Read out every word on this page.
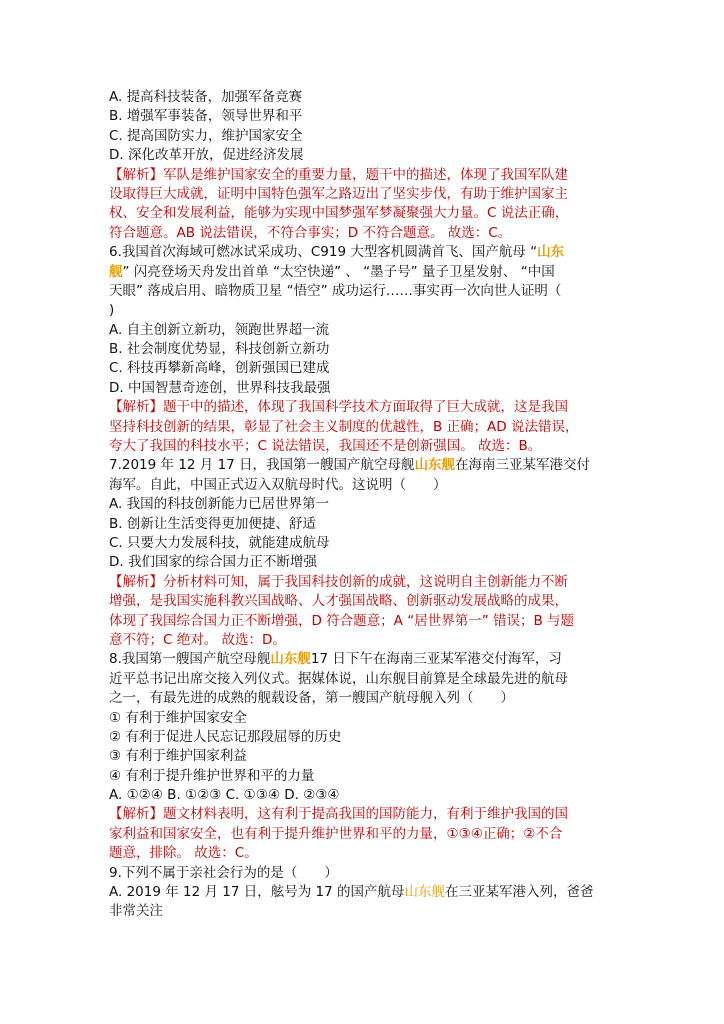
A. 提高科技装备，加强军备竞赛
B. 增强军事装备，领导世界和平
C. 提高国防实力，维护国家安全
D. 深化改革开放，促进经济发展
【解析】军队是维护国家安全的重要力量，题干中的描述，体现了我国军队建
设取得巨大成就，证明中国特色强军之路迈出了坚实步伐，有助于维护国家主
权、安全和发展利益，能够为实现中国梦强军梦凝聚强大力量。C 说法正确，
符合题意。AB 说法错误，不符合事实；D 不符合题意。 故选：C。
6.我国首次海域可燃冰试采成功、C919 大型客机圆满首飞、国产航母 “山东
舰” 闪亮登场天舟发出首单 “太空快递” 、 “墨子号” 量子卫星发射、 “中国
天眼” 落成启用、暗物质卫星 “悟空” 成功运行……事实再一次向世人证明（
)
A. 自主创新立新功，领跑世界超一流
B. 社会制度优势显，科技创新立新功
C. 科技再攀新高峰，创新强国已建成
D. 中国智慧奇迹创，世界科技我最强
【解析】题干中的描述，体现了我国科学技术方面取得了巨大成就，这是我国
坚持科技创新的结果，彰显了社会主义制度的优越性，B 正确；AD 说法错误，
夸大了我国的科技水平；C 说法错误，我国还不是创新强国。 故选：B。
7.2019 年 12 月 17 日，我国第一艘国产航空母舰山东舰在海南三亚某军港交付
海军。自此，中国正式迈入双航母时代。这说明（　　）
A. 我国的科技创新能力已居世界第一
B. 创新让生活变得更加便捷、舒适
C. 只要大力发展科技，就能建成航母
D. 我们国家的综合国力正不断增强
【解析】分析材料可知，属于我国科技创新的成就，这说明自主创新能力不断
增强，是我国实施科教兴国战略、人才强国战略、创新驱动发展战略的成果，
体现了我国综合国力正不断增强，D 符合题意；A “居世界第一” 错误；B 与题
意不符；C 绝对。 故选：D。
8.我国第一艘国产航空母舰山东舰17 日下午在海南三亚某军港交付海军，习
近平总书记出席交接入列仪式。据媒体说，山东舰目前算是全球最先进的航母
之一，有最先进的成熟的舰载设备，第一艘国产航母舰入列（　　）
① 有利于维护国家安全
② 有利于促进人民忘记那段屈辱的历史
③ 有利于维护国家利益
④ 有利于提升维护世界和平的力量
A. ①②④ B. ①②③ C. ①③④ D. ②③④
【解析】题文材料表明，这有利于提高我国的国防能力，有利于维护我国的国
家利益和国家安全，也有利于提升维护世界和平的力量，①③④正确；②不合
题意，排除。 故选：C。
9.下列不属于亲社会行为的是（　　）
A. 2019 年 12 月 17 日，舷号为 17 的国产航母山东舰在三亚某军港入列，爸爸
非常关注
